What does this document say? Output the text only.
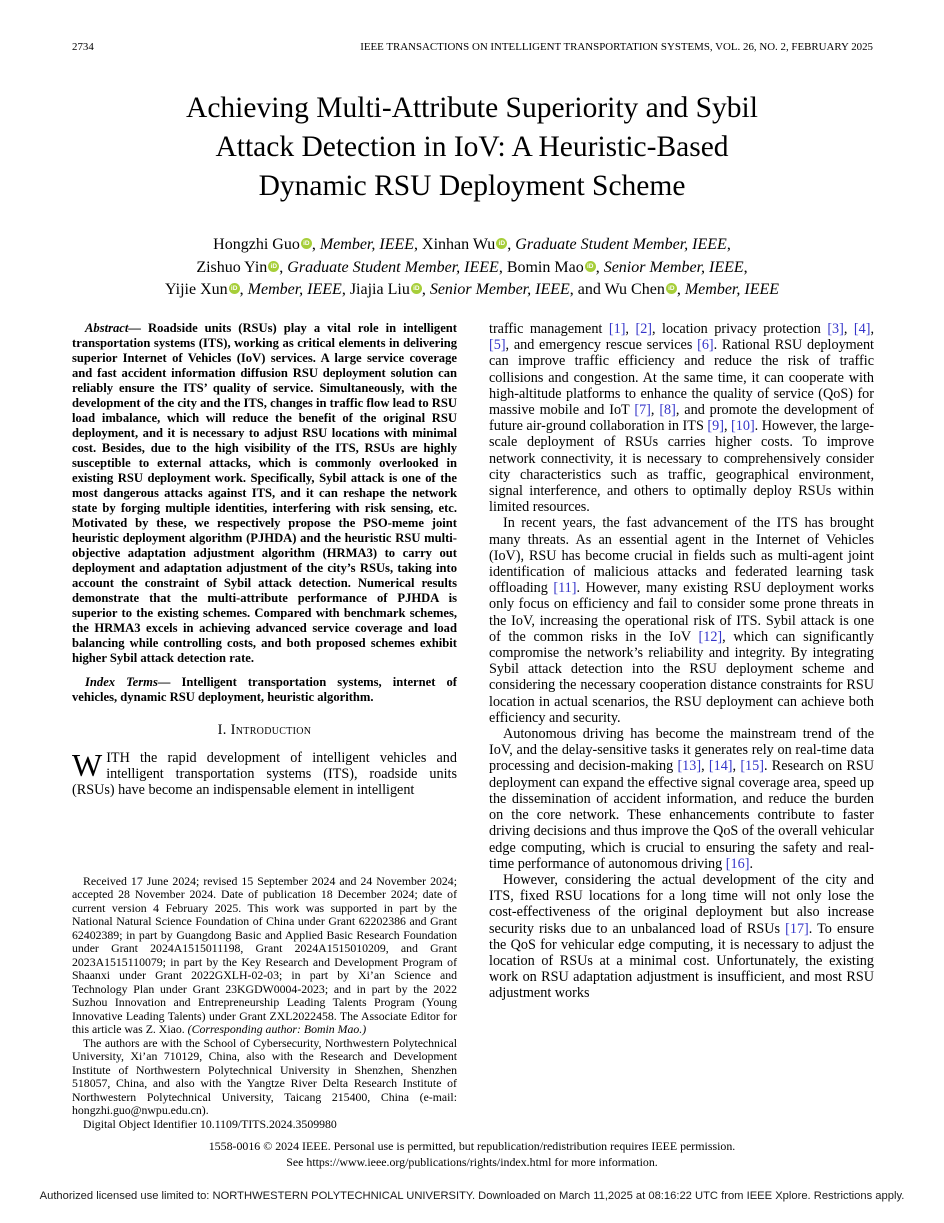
2734	IEEE TRANSACTIONS ON INTELLIGENT TRANSPORTATION SYSTEMS, VOL. 26, NO. 2, FEBRUARY 2025
Achieving Multi-Attribute Superiority and Sybil
Attack Detection in IoV: A Heuristic-Based
Dynamic RSU Deployment Scheme
Hongzhi Guo iD , Member, IEEE, Xinhan Wu iD , Graduate Student Member, IEEE,
Zishuo Yin iD , Graduate Student Member, IEEE, Bomin Mao iD , Senior Member, IEEE,
Yijie Xun iD , Member, IEEE, Jiajia Liu iD , Senior Member, IEEE, and Wu Chen iD , Member, IEEE

Abstract— Roadside units (RSUs) play a vital role in intelligent transportation systems (ITS), working as critical elements in delivering superior Internet of Vehicles (IoV) services. A large service coverage and fast accident information diffusion RSU deployment solution can reliably ensure the ITS’ quality of service. Simultaneously, with the development of the city and the ITS, changes in traffic flow lead to RSU load imbalance, which will reduce the benefit of the original RSU deployment, and it is necessary to adjust RSU locations with minimal cost. Besides, due to the high visibility of the ITS, RSUs are highly susceptible to external attacks, which is commonly overlooked in existing RSU deployment work. Specifically, Sybil attack is one of the most dangerous attacks against ITS, and it can reshape the network state by forging multiple identities, interfering with risk sensing, etc. Motivated by these, we respectively propose the PSO-meme joint heuristic deployment algorithm (PJHDA) and the heuristic RSU multi-objective adaptation adjustment algorithm (HRMA3) to carry out deployment and adaptation adjustment of the city’s RSUs, taking into account the constraint of Sybil attack detection. Numerical results demonstrate that the multi-attribute performance of PJHDA is superior to the existing schemes. Compared with benchmark schemes, the HRMA3 excels in achieving advanced service coverage and load balancing while controlling costs, and both proposed schemes exhibit higher Sybil attack detection rate.

Index Terms— Intelligent transportation systems, internet of vehicles, dynamic RSU deployment, heuristic algorithm.

I. Introduction

WITH the rapid development of intelligent vehicles and intelligent transportation systems (ITS), roadside units (RSUs) have become an indispensable element in intelligent

Received 17 June 2024; revised 15 September 2024 and 24 November 2024; accepted 28 November 2024. Date of publication 18 December 2024; date of current version 4 February 2025. This work was supported in part by the National Natural Science Foundation of China under Grant 62202386 and Grant 62402389; in part by Guangdong Basic and Applied Basic Research Foundation under Grant 2024A1515011198, Grant 2024A1515010209, and Grant 2023A1515110079; in part by the Key Research and Development Program of Shaanxi under Grant 2022GXLH-02-03; in part by Xi’an Science and Technology Plan under Grant 23KGDW0004-2023; and in part by the 2022 Suzhou Innovation and Entrepreneurship Leading Talents Program (Young Innovative Leading Talents) under Grant ZXL2022458. The Associate Editor for this article was Z. Xiao. (Corresponding author: Bomin Mao.)

The authors are with the School of Cybersecurity, Northwestern Polytechnical University, Xi’an 710129, China, also with the Research and Development Institute of Northwestern Polytechnical University in Shenzhen, Shenzhen 518057, China, and also with the Yangtze River Delta Research Institute of Northwestern Polytechnical University, Taicang 215400, China (e-mail: hongzhi.guo@nwpu.edu.cn).

Digital Object Identifier 10.1109/TITS.2024.3509980

traffic management [1], [2], location privacy protection [3], [4], [5], and emergency rescue services [6]. Rational RSU deployment can improve traffic efficiency and reduce the risk of traffic collisions and congestion. At the same time, it can cooperate with high-altitude platforms to enhance the quality of service (QoS) for massive mobile and IoT [7], [8], and promote the development of future air-ground collaboration in ITS [9], [10]. However, the large-scale deployment of RSUs carries higher costs. To improve network connectivity, it is necessary to comprehensively consider city characteristics such as traffic, geographical environment, signal interference, and others to optimally deploy RSUs within limited resources.

In recent years, the fast advancement of the ITS has brought many threats. As an essential agent in the Internet of Vehicles (IoV), RSU has become crucial in fields such as multi-agent joint identification of malicious attacks and federated learning task offloading [11]. However, many existing RSU deployment works only focus on efficiency and fail to consider some prone threats in the IoV, increasing the operational risk of ITS. Sybil attack is one of the common risks in the IoV [12], which can significantly compromise the network’s reliability and integrity. By integrating Sybil attack detection into the RSU deployment scheme and considering the necessary cooperation distance constraints for RSU location in actual scenarios, the RSU deployment can achieve both efficiency and security.

Autonomous driving has become the mainstream trend of the IoV, and the delay-sensitive tasks it generates rely on real-time data processing and decision-making [13], [14], [15]. Research on RSU deployment can expand the effective signal coverage area, speed up the dissemination of accident information, and reduce the burden on the core network. These enhancements contribute to faster driving decisions and thus improve the QoS of the overall vehicular edge computing, which is crucial to ensuring the safety and real-time performance of autonomous driving [16].

However, considering the actual development of the city and ITS, fixed RSU locations for a long time will not only lose the cost-effectiveness of the original deployment but also increase security risks due to an unbalanced load of RSUs [17]. To ensure the QoS for vehicular edge computing, it is necessary to adjust the location of RSUs at a minimal cost. Unfortunately, the existing work on RSU adaptation adjustment is insufficient, and most RSU adjustment works

1558-0016 © 2024 IEEE. Personal use is permitted, but republication/redistribution requires IEEE permission.
See https://www.ieee.org/publications/rights/index.html for more information.
Authorized licensed use limited to: NORTHWESTERN POLYTECHNICAL UNIVERSITY. Downloaded on March 11,2025 at 08:16:22 UTC from IEEE Xplore. Restrictions apply.
